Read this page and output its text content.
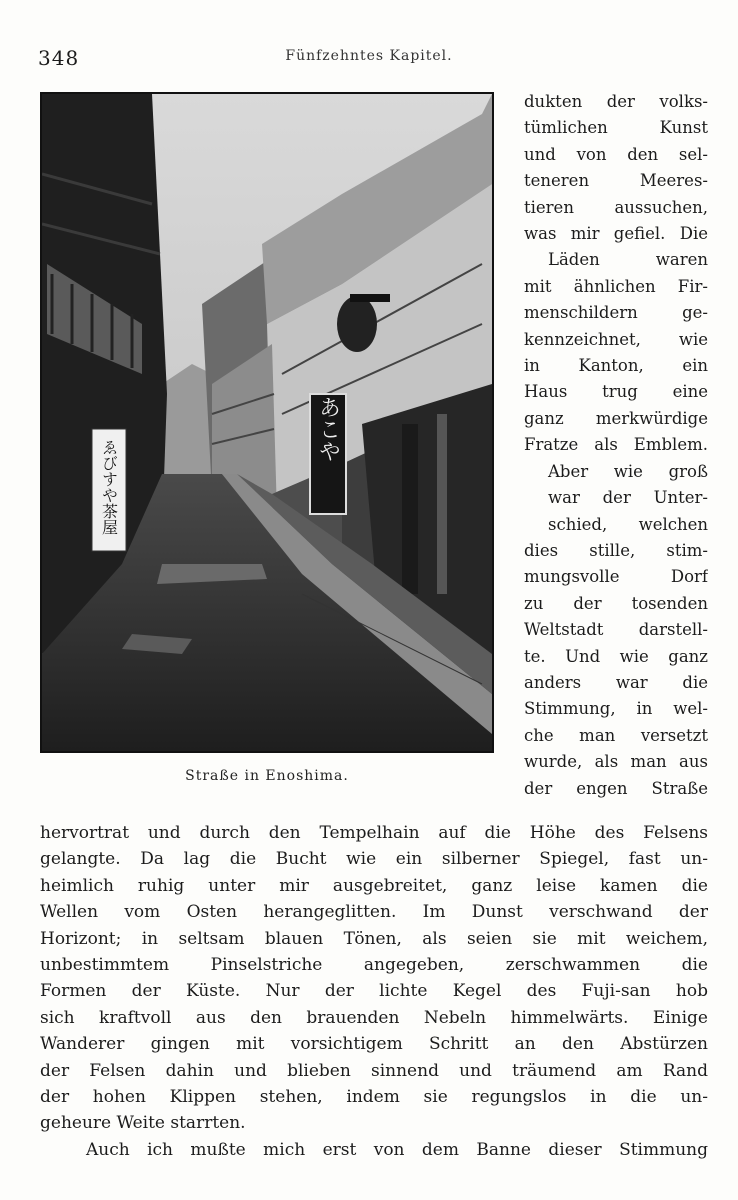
348	Fünfzehntes Kapitel.
あこや
ゑびすや茶屋
Straße in Enoshima.
dukten der volks-
tümlichen Kunst
und von den sel-
teneren Meeres-
tieren aussuchen,
was mir gefiel. Die
Läden waren
mit ähnlichen Fir-
menschildern ge-
kennzeichnet, wie
in Kanton, ein
Haus trug eine
ganz merkwürdige
Fratze als Emblem.
Aber wie groß
war der Unter-
schied, welchen
dies stille, stim-
mungsvolle Dorf
zu der tosenden
Weltstadt darstell-
te. Und wie ganz
anders war die
Stimmung, in wel-
che man versetzt
wurde, als man aus
der engen Straße
hervortrat und durch den Tempelhain auf die Höhe des Felsens
gelangte. Da lag die Bucht wie ein silberner Spiegel, fast un-
heimlich ruhig unter mir ausgebreitet, ganz leise kamen die
Wellen vom Osten herangeglitten. Im Dunst verschwand der
Horizont; in seltsam blauen Tönen, als seien sie mit weichem,
unbestimmtem Pinselstriche angegeben, zerschwammen die
Formen der Küste. Nur der lichte Kegel des Fuji-san hob
sich kraftvoll aus den brauenden Nebeln himmelwärts. Einige
Wanderer gingen mit vorsichtigem Schritt an den Abstürzen
der Felsen dahin und blieben sinnend und träumend am Rand
der hohen Klippen stehen, indem sie regungslos in die un-
geheure Weite starrten.
Auch ich mußte mich erst von dem Banne dieser Stimmung
